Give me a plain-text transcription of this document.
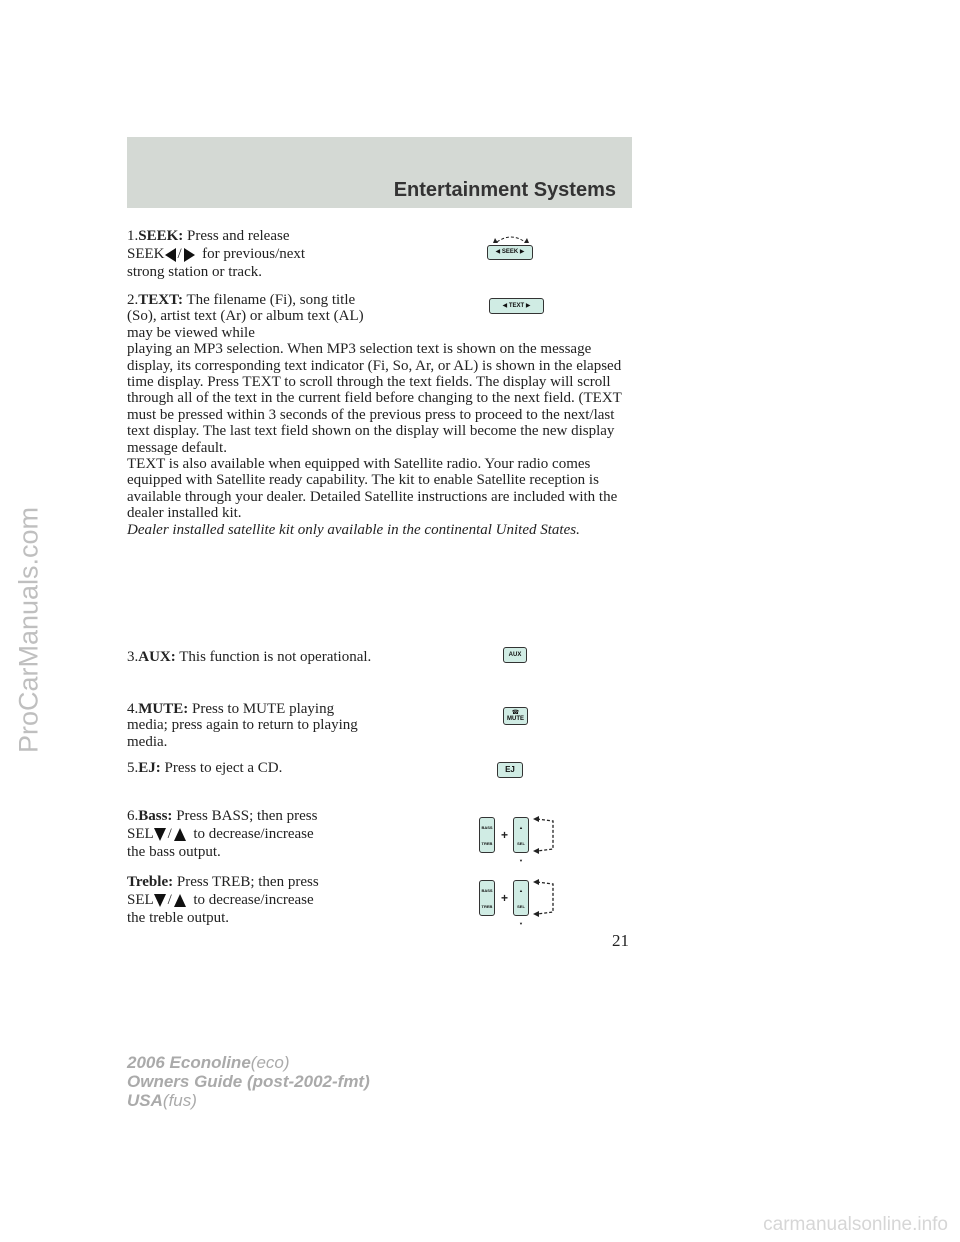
Entertainment Systems
ProCarManuals.com

1.SEEK: Press and release

SEEK / for previous/next

strong station or track.

◀
SEEK
▶

2.TEXT: The filename (Fi), song title (So), artist text (Ar) or album text (AL) may be viewed while

playing an MP3 selection. When MP3 selection text is shown on the message display, its corresponding text indicator (Fi, So, Ar, or AL) is shown in the elapsed time display. Press TEXT to scroll through the text fields. The display will scroll through all of the text in the current field before changing to the next field. (TEXT must be pressed within 3 seconds of the previous press to proceed to the next/last text display. The last text field shown on the display will become the new display message default.

TEXT is also available when equipped with Satellite radio. Your radio comes equipped with Satellite ready capability. The kit to enable Satellite reception is available through your dealer. Detailed Satellite instructions are included with the dealer installed kit.

Dealer installed satellite kit only available in the continental United States.

◀
TEXT
▶

3.AUX: This function is not operational.	AUX

4.MUTE: Press to MUTE playing media; press again to return to playing media.

☎
MUTE

5.EJ: Press to eject a CD.	EJ

6.Bass: Press BASS; then press

SEL / to decrease/increase

the bass output.

BASS
TREB
+
▲
SEL
▼

Treble: Press TREB; then press

SEL / to decrease/increase

the treble output.

BASS
TREB
+
▲
SEL
▼
21
2006 Econoline(eco)
Owners Guide (post-2002-fmt)
USA(fus)
carmanualsonline.info
